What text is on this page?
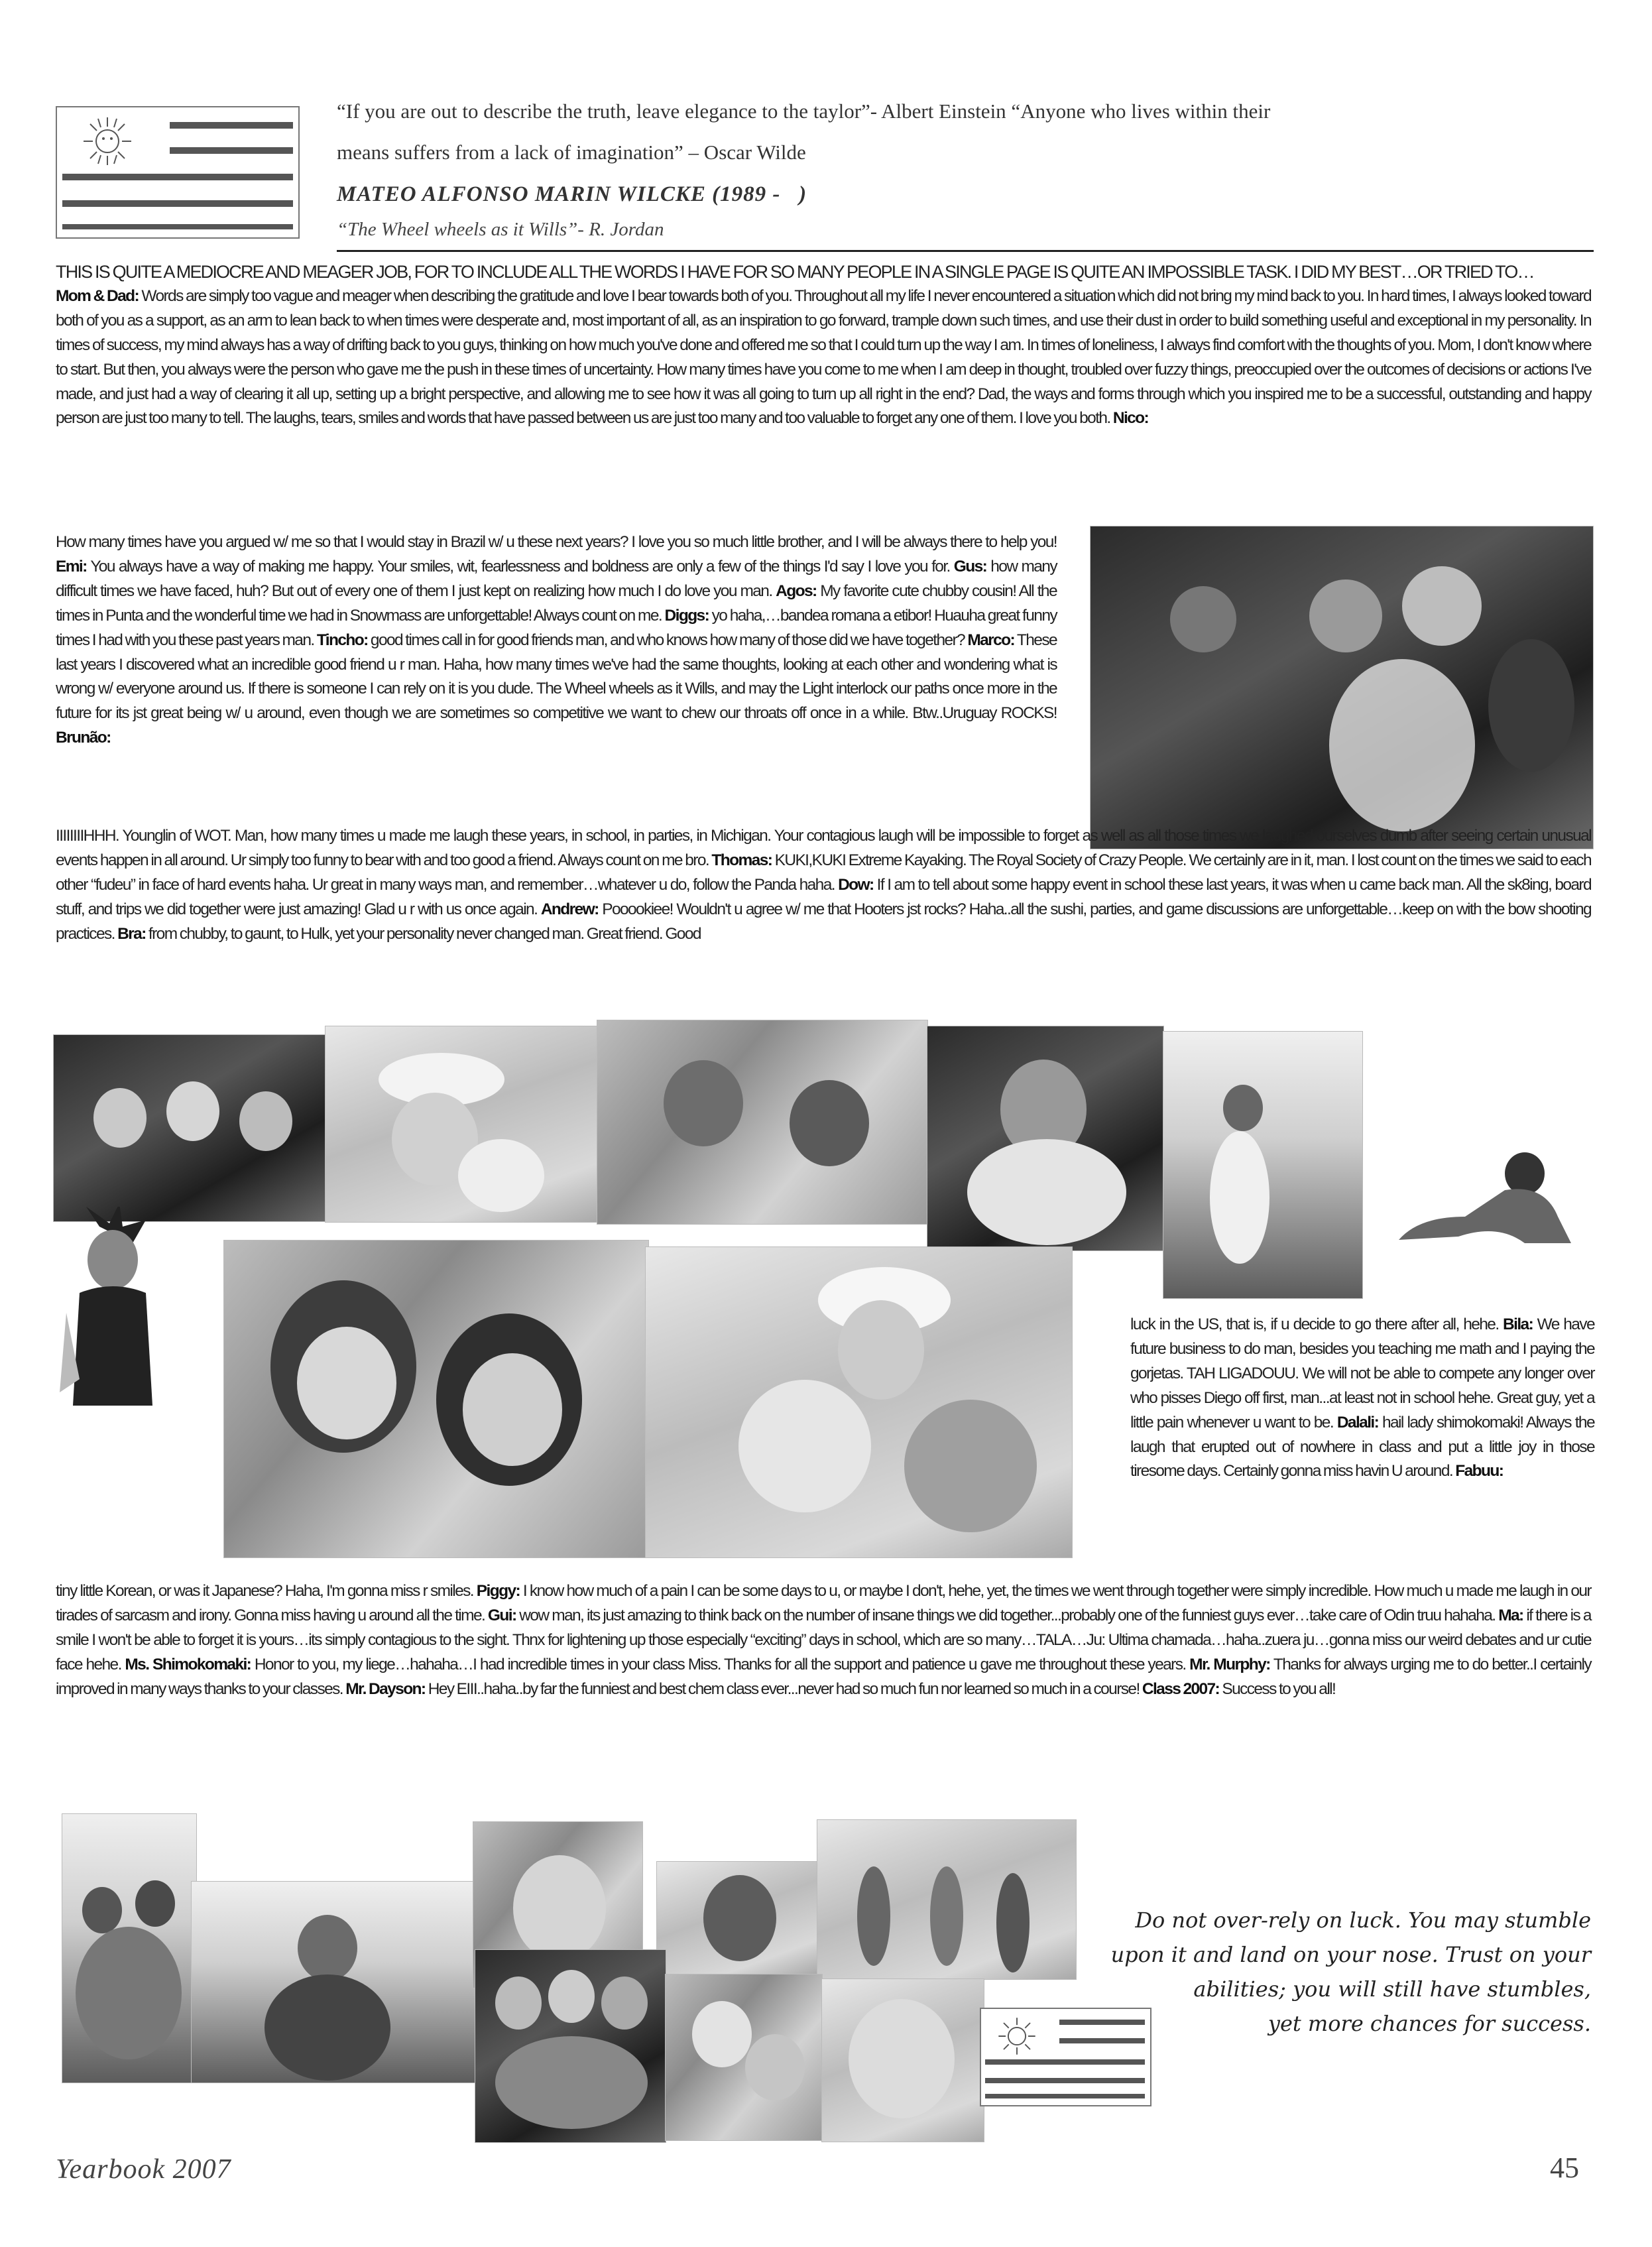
“If you are out to describe the truth, leave elegance to the taylor”- Albert Einstein “Anyone who lives within their
means suffers from a lack of imagination” – Oscar Wilde
MATEO ALFONSO MARIN WILCKE (1989 -   )
“The Wheel wheels as it Wills”- R. Jordan
THIS IS QUITE A MEDIOCRE AND MEAGER JOB, FOR TO INCLUDE ALL THE WORDS I HAVE FOR SO MANY PEOPLE IN A SINGLE PAGE IS QUITE AN IMPOSSIBLE TASK. I DID MY BEST…OR TRIED TO…
Mom & Dad: Words are simply too vague and meager when describing the gratitude and love I bear towards both of you. Throughout all my life I never encountered a situation which did not bring my mind back to you. In hard times, I always looked toward both of you as a support, as an arm to lean back to when times were desperate and, most important of all, as an inspiration to go forward, trample down such times, and use their dust in order to build something useful and exceptional in my personality. In times of success, my mind always has a way of drifting back to you guys, thinking on how much you've done and offered me so that I could turn up the way I am. In times of loneliness, I always find comfort with the thoughts of you. Mom, I don't know where to start. But then, you always were the person who gave me the push in these times of uncertainty. How many times have you come to me when I am deep in thought, troubled over fuzzy things, preoccupied over the outcomes of decisions or actions I've made, and just had a way of clearing it all up, setting up a bright perspective, and allowing me to see how it was all going to turn up all right in the end? Dad, the ways and forms through which you inspired me to be a successful, outstanding and happy person are just too many to tell. The laughs, tears, smiles and words that have passed between us are just too many and too valuable to forget any one of them. I love you both. Nico:
How many times have you argued w/ me so that I would stay in Brazil w/ u these next years? I love you so much little brother, and I will be always there to help you! Emi: You always have a way of making me happy. Your smiles, wit, fearlessness and boldness are only a few of the things I'd say I love you for. Gus: how many difficult times we have faced, huh? But out of every one of them I just kept on realizing how much I do love you man. Agos: My favorite cute chubby cousin! All the times in Punta and the wonderful time we had in Snowmass are unforgettable! Always count on me. Diggs: yo haha,…bandea romana a etibor! Huauha great funny times I had with you these past years man. Tincho: good times call in for good friends man, and who knows how many of those did we have together? Marco: These last years I discovered what an incredible good friend u r man. Haha, how many times we've had the same thoughts, looking at each other and wondering what is wrong w/ everyone around us. If there is someone I can rely on it is you dude. The Wheel wheels as it Wills, and may the Light interlock our paths once more in the future for its jst great being w/ u around, even though we are sometimes so competitive we want to chew our throats off once in a while. Btw..Uruguay ROCKS! Brunão:
IIIIIIIIHHH. Younglin of WOT. Man, how many times u made me laugh these years, in school, in parties, in Michigan. Your contagious laugh will be impossible to forget as well as all those times we laughed ourselves dumb after seeing certain unusual events happen in all around. Ur simply too funny to bear with and too good a friend. Always count on me bro. Thomas: KUKI,KUKI Extreme Kayaking. The Royal Society of Crazy People. We certainly are in it, man. I lost count on the times we said to each other “fudeu” in face of hard events haha. Ur great in many ways man, and remember…whatever u do, follow the Panda haha. Dow: If I am to tell about some happy event in school these last years, it was when u came back man. All the sk8ing, board stuff, and trips we did together were just amazing! Glad u r with us once again. Andrew: Pooookiee! Wouldn't u agree w/ me that Hooters jst rocks? Haha..all the sushi, parties, and game discussions are unforgettable…keep on with the bow shooting practices. Bra: from chubby, to gaunt, to Hulk, yet your personality never changed man. Great friend. Good
luck in the US, that is, if u decide to go there after all, hehe. Bila: We have future business to do man, besides you teaching me math and I paying the gorjetas. TAH LIGADOUU. We will not be able to compete any longer over who pisses Diego off first, man...at least not in school hehe. Great guy, yet a little pain whenever u want to be. Dalali: hail lady shimokomaki! Always the laugh that erupted out of nowhere in class and put a little joy in those tiresome days. Certainly gonna miss havin U around. Fabuu:
tiny little Korean, or was it Japanese? Haha, I'm gonna miss r smiles. Piggy: I know how much of a pain I can be some days to u, or maybe I don't, hehe, yet, the times we went through together were simply incredible. How much u made me laugh in our tirades of sarcasm and irony. Gonna miss having u around all the time. Gui: wow man, its just amazing to think back on the number of insane things we did together...probably one of the funniest guys ever…take care of Odin truu hahaha. Ma: if there is a smile I won't be able to forget it is yours…its simply contagious to the sight. Thnx for lightening up those especially “exciting” days in school, which are so many…TALA…Ju: Ultima chamada…haha..zuera ju…gonna miss our weird debates and ur cutie face hehe. Ms. Shimokomaki: Honor to you, my liege…hahaha…I had incredible times in your class Miss. Thanks for all the support and patience u gave me throughout these years. Mr. Murphy: Thanks for always urging me to do better..I certainly improved in many ways thanks to your classes. Mr. Dayson: Hey EIII..haha..by far the funniest and best chem class ever...never had so much fun nor learned so much in a course! Class 2007: Success to you all!
Do not over-rely on luck. You may stumble
upon it and land on your nose. Trust on your
abilities; you will still have stumbles,
yet more chances for success.
Yearbook 2007	45
